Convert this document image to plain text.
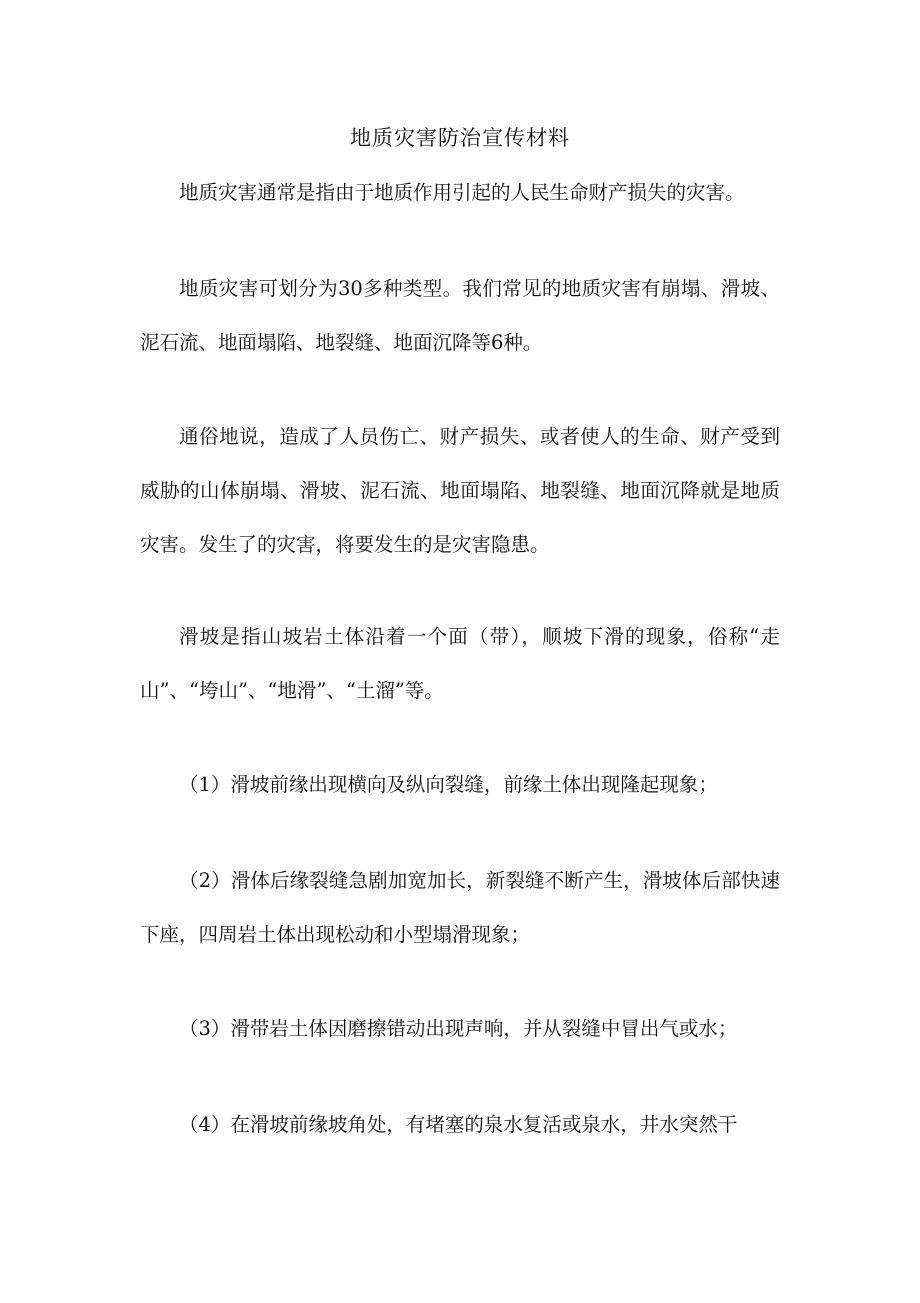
地质灾害防治宣传材料

地质灾害通常是指由于地质作用引起的人民生命财产损失的灾害。

地质灾害可划分为30多种类型。我们常见的地质灾害有崩塌、滑坡、泥石流、地面塌陷、地裂缝、地面沉降等6种。

通俗地说，造成了人员伤亡、财产损失、或者使人的生命、财产受到威胁的山体崩塌、滑坡、泥石流、地面塌陷、地裂缝、地面沉降就是地质灾害。发生了的灾害，将要发生的是灾害隐患。

滑坡是指山坡岩土体沿着一个面（带），顺坡下滑的现象，俗称“走山”、“垮山”、“地滑”、“土溜”等。

（1）滑坡前缘出现横向及纵向裂缝，前缘土体出现隆起现象；

（2）滑体后缘裂缝急剧加宽加长，新裂缝不断产生，滑坡体后部快速下座，四周岩土体出现松动和小型塌滑现象；

（3）滑带岩土体因磨擦错动出现声响，并从裂缝中冒出气或水；

（4）在滑坡前缘坡角处，有堵塞的泉水复活或泉水，井水突然干
